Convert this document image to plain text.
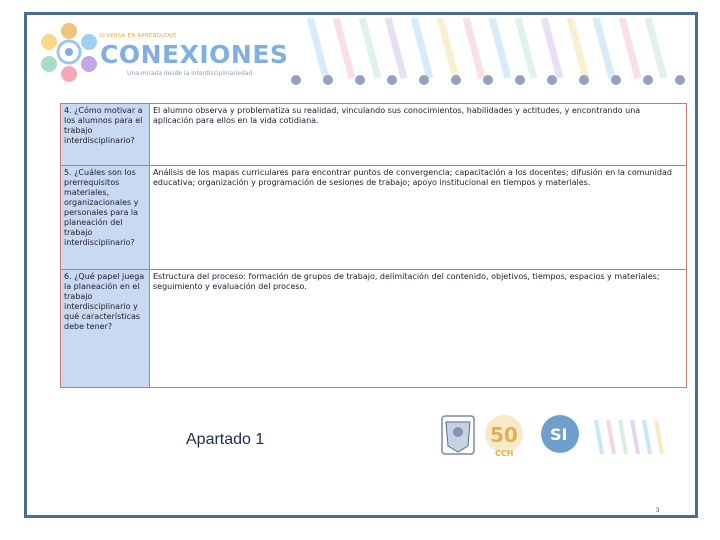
DIVERSA EN APRENDIZAJE
CONEXIONES
Una mirada desde la interdisciplinariedad
4. ¿Cómo motivar a los alumnos para el trabajo interdisciplinario?	El alumno observa y problematiza su realidad, vinculando sus conocimientos, habilidades y actitudes, y encontrando una aplicación para ellos en la vida cotidiana.
5. ¿Cuáles son los prerrequisitos materiales, organizacionales y personales para la planeación del trabajo interdisciplinario?	Análisis de los mapas curriculares para encontrar puntos de convergencia; capacitación a los docentes; difusión en la comunidad educativa; organización y programación de sesiones de trabajo; apoyo institucional en tiempos y materiales.
6. ¿Qué papel juega la planeación en el trabajo interdisciplinario y qué características debe tener?	Estructura del proceso: formación de grupos de trabajo, delimitación del contenido, objetivos, tiempos, espacios y materiales; seguimiento y evaluación del proceso.
Apartado 1	50
CCH
SI
3
